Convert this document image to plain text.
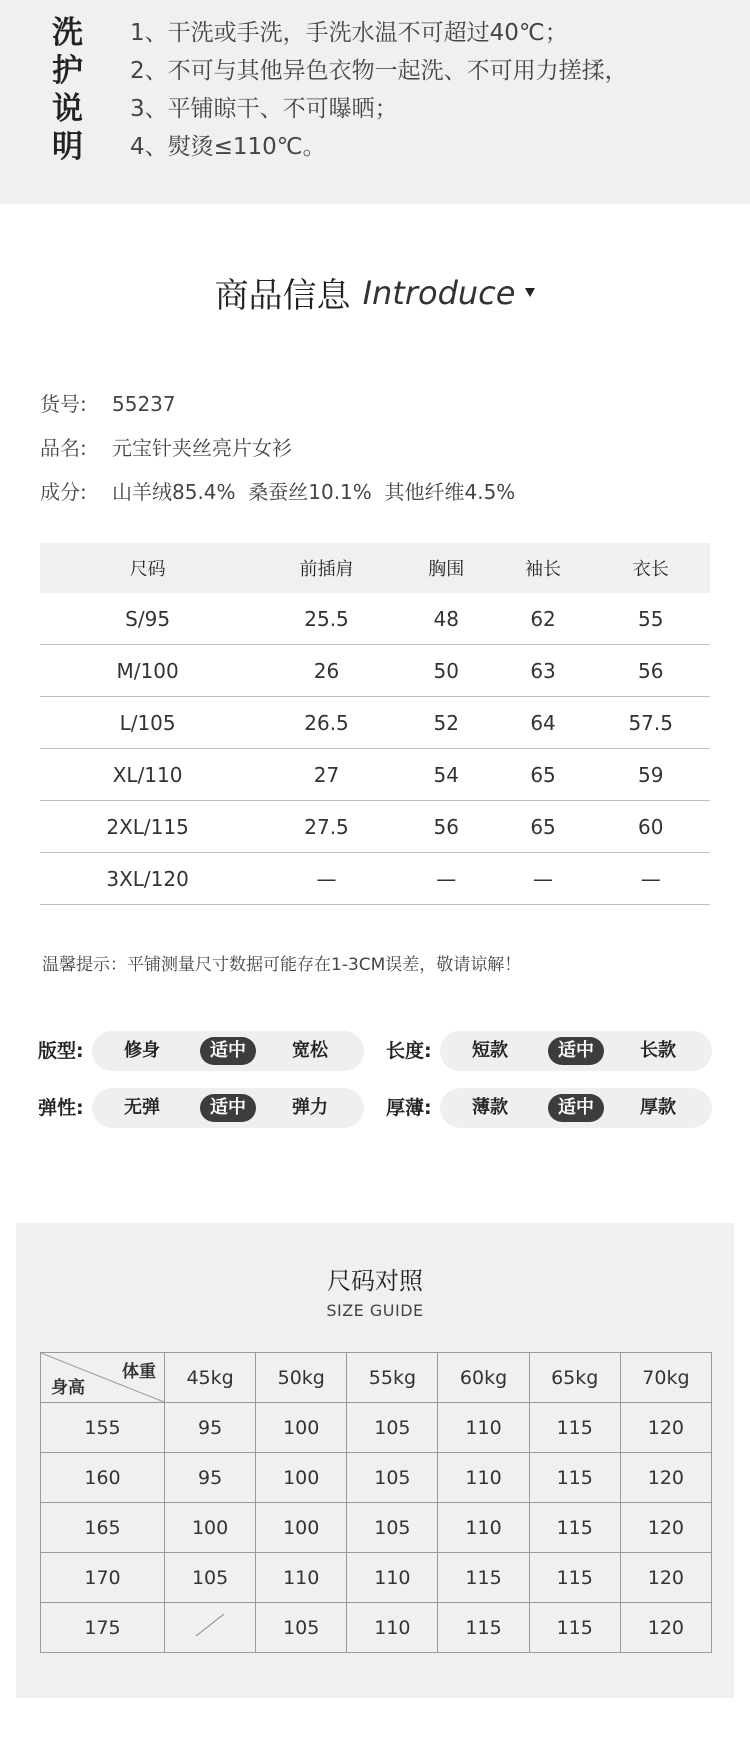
洗
护
说
明
1、干洗或手洗，手洗水温不可超过40℃；
2、不可与其他异色衣物一起洗、不可用力搓揉，
3、平铺晾干、不可曝晒；
4、熨烫≤110℃。
商品信息 Introduce
货号: 55237
品名: 元宝针夹丝亮片女衫
成分: 山羊绒85.4%  桑蚕丝10.1%  其他纤维4.5%
尺码	前插肩	胸围	袖长	衣长
S/95	25.5	48	62	55
M/100	26	50	63	56
L/105	26.5	52	64	57.5
XL/110	27	54	65	59
2XL/115	27.5	56	65	60
3XL/120	—	—	—	—
温馨提示：平铺测量尺寸数据可能存在1-3CM误差，敬请谅解！
版型:	修身	适中	宽松	长度:	短款	适中	长款
弹性:	无弹	适中	弹力	厚薄:	薄款	适中	厚款
尺码对照
SIZE GUIDE
体重
身高	45kg	50kg	55kg	60kg	65kg	70kg
155	95	100	105	110	115	120
160	95	100	105	110	115	120
165	100	100	105	110	115	120
170	105	110	110	115	115	120
175		105	110	115	115	120
